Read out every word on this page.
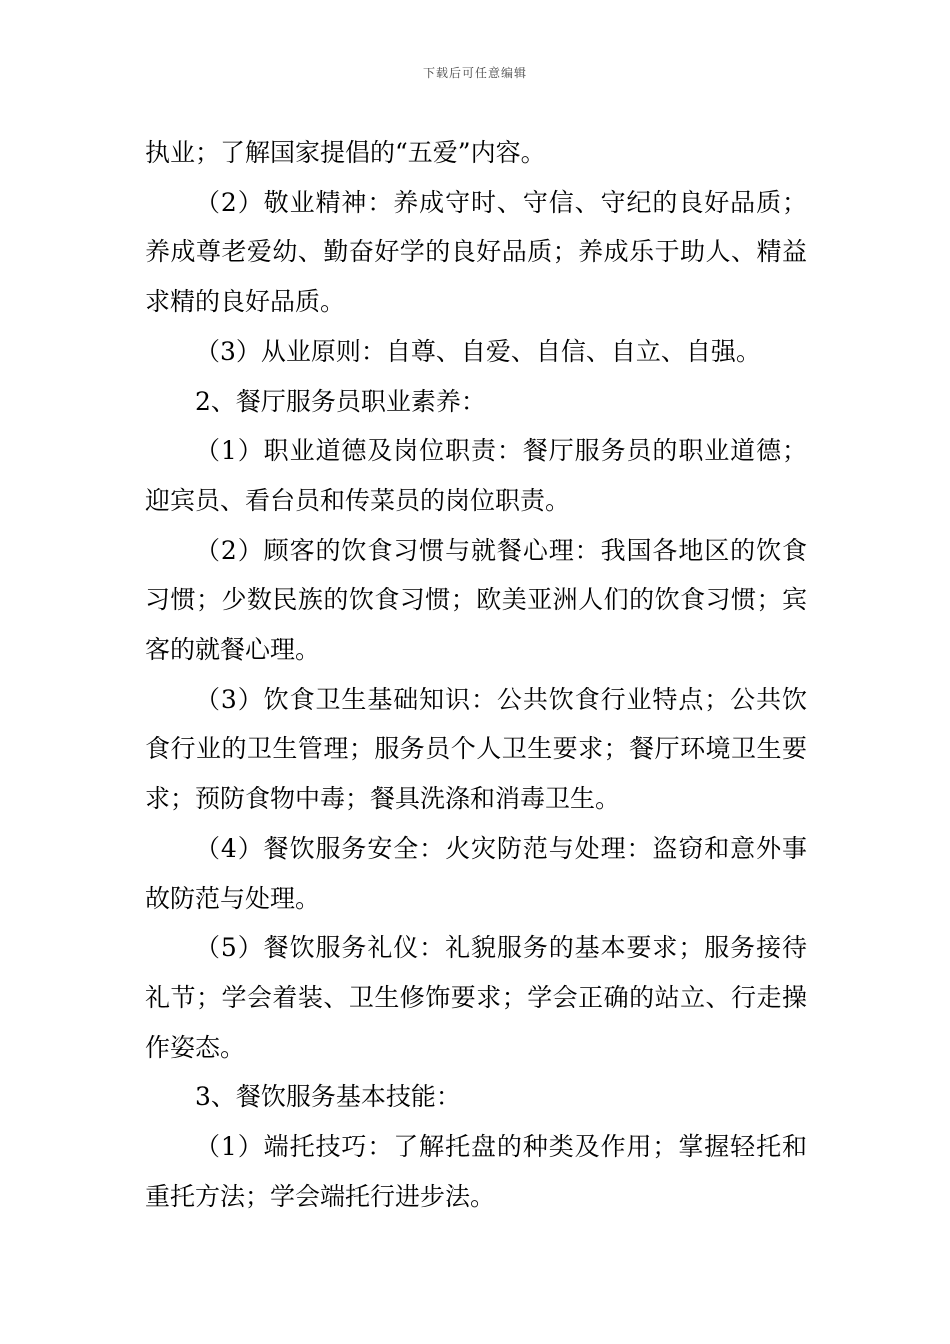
下载后可任意编辑

执业；了解国家提倡的“五爱”内容。

（2）敬业精神：养成守时、守信、守纪的良好品质；养成尊老爱幼、勤奋好学的良好品质；养成乐于助人、精益求精的良好品质。

（3）从业原则：自尊、自爱、自信、自立、自强。

2、餐厅服务员职业素养：

（1）职业道德及岗位职责：餐厅服务员的职业道德；迎宾员、看台员和传菜员的岗位职责。

（2）顾客的饮食习惯与就餐心理：我国各地区的饮食习惯；少数民族的饮食习惯；欧美亚洲人们的饮食习惯；宾客的就餐心理。

（3）饮食卫生基础知识：公共饮食行业特点；公共饮食行业的卫生管理；服务员个人卫生要求；餐厅环境卫生要求；预防食物中毒；餐具洗涤和消毒卫生。

（4）餐饮服务安全：火灾防范与处理：盗窃和意外事故防范与处理。

（5）餐饮服务礼仪：礼貌服务的基本要求；服务接待礼节；学会着装、卫生修饰要求；学会正确的站立、行走操作姿态。

3、餐饮服务基本技能：

（1）端托技巧：了解托盘的种类及作用；掌握轻托和重托方法；学会端托行进步法。
